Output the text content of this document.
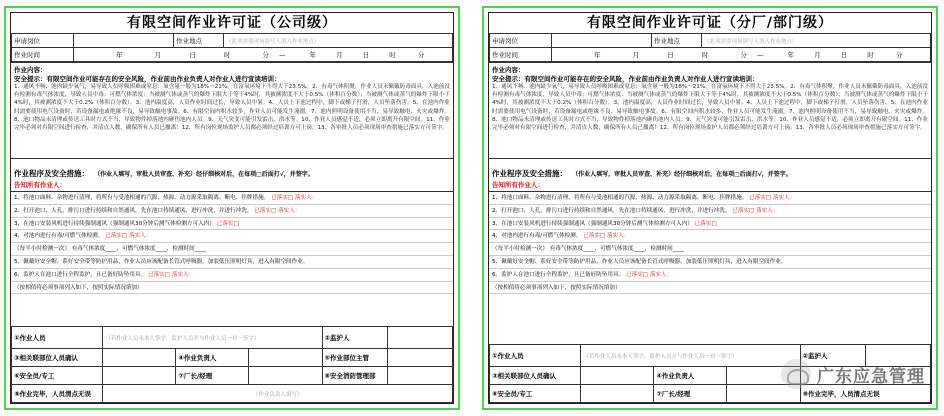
有限空间作业许可证（公司级）
申请岗位		作业地点	（此项需要现场填写人填入作业地点）
作业时间	年 月 日 时 分 — 年 月 日 时 分		
作业内容：
安全提示：有限空间作业可能存在的安全风险，作业前由作业负责人对作业人进行宣读培训：
1、通风不畅、池内缺少氧气，易导致人员呼吸困难或窒息；氧含量一般为18%～21%，在富氧环境下不得大于23.5%。2、有毒气体积聚，作业人员未佩戴防毒面具，入池前没有检测有毒气体浓度，导致人员中毒；可燃气体浓度：当被测气体或蒸气的爆炸下限大于等于4%时，其被测浓度不大于0.5%（体积百分数）；当被测气体或蒸气的爆炸下限小于4%时，其被测浓度不大于0.2%（体积百分数）。3、池内温度高，人员作业时间过长，导致人员中暑。4、人员上下池过程中，脚下或梯子打滑，人员坠落伤害。5、在池内作业时需要使用电气设备时，若设备漏电或绝缘不良，易导致触电事故。6、有限空间内积水较多，作业人员可能发生淹溺。7、池内照明设备使用不当，易导致触电、火灾或爆炸。8、池口物品未清理或传送工具时方式不当，导致物件掉落池内砸伤池内人员。9、天气突变可能引发雷击、洪水等。10、作业人员感觉不适，必须立即离开有限空间。11、作业完毕必须对有限空间进行检查，并清点人数，确保所有人员已撤离！12、所有岗位现场监护人员都必须经过培训方可上岗。13、各审批人员必须现场审查措施已落实方可签字。
作业程序及安全措施： （作业人填写，审批人员审查、补充）经仔细核对后，在每项□后面打√，并签字。
告知所有作业人：
1、将池口面料、杂物进行清理，将所有与受池相通的汽源、热源、动力源采取隔离、断电、挂牌措施。 已落实□ 落实人：
2、打开池口、人孔，排污口进行持续和自然通风，先在池口持续通风，进行冲洗，并进行冲洗。 已落实□ 落实人：
3、在池口安装风机进行持续强制通风（强制通风30分钟后测气体检测方可入内） 已落实□
4、对池内进行有毒/可燃气体检测。 已落实□ 落实人：
（每半小时检测一次） 有毒气体浓度____，可燃气体浓度____，检测时间____
5、佩戴好安全帽、系好安全带等防护用品，作业人员应该配备长管式呼吸器，加装低压照明灯具，进入有限空间作业。
6、监护人在池口进行全程监护，且已备好防坠用具。 已落实□ 落实人：
（按相值将必须事项列入如下，按照实际情况填加）
①作业人员	（若作业人员未本人签字，监护人员并与作业人员一对一签字）			②监护人	
③相关联部位人员确认		④作业负责人		⑤作业部位主管	
⑥安全员/专工		⑦厂长/经理		⑧安全消防管理部	
⑨作业完毕，人员清点无误	（作业负责人填写）				
有限空间作业许可证（分厂/部门级）
申请岗位		作业地点	（此项需要现场填写人填入作业地点）
作业时间	年 月 日 时 分 — 年 月 日 时 分		
作业内容：
安全提示：有限空间作业可能存在的安全风险，作业前由作业负责人对作业人进行宣读培训：
1、通风不畅、池内缺少氧气，易导致人员呼吸困难或窒息；氧含量一般为18%～21%，在富氧环境下不得大于23.5%。2、有毒气体积聚，作业人员未佩戴防毒面具，入池前没有检测有毒气体浓度，导致人员中毒；可燃气体浓度：当被测气体或蒸气的爆炸下限大于等于4%时，其被测浓度不大于0.5%（体积百分数）；当被测气体或蒸气的爆炸下限小于4%时，其被测浓度不大于0.2%（体积百分数）。3、池内温度高，人员作业时间过长，导致人员中暑。4、人员上下池过程中，脚下或梯子打滑，人员坠落伤害。5、在池内作业时需要使用电气设备时，若设备漏电或绝缘不良，易导致触电事故。6、有限空间内积水较多，作业人员可能发生淹溺。7、池内照明设备使用不当，易导致触电、火灾或爆炸。8、池口物品未清理或传送工具时方式不当，导致物件掉落池内砸伤池内人员。9、天气突变可能引发雷击、洪水等。10、作业人员感觉不适，必须立即离开有限空间。11、作业完毕必须对有限空间进行检查，并清点人数，确保所有人员已撤离！12、所有岗位现场监护人员都必须经过培训方可上岗。13、各审批人员必须现场审查措施已落实方可签字。
作业程序及安全措施： （作业人填写，审批人员审查、补充）经仔细核对后，在每项□后面打√，并签字。
告知所有作业人：
1、将池口面料、杂物进行清理，将所有与受池相通的汽源、热源、动力源采取隔离、断电、挂牌措施。 已落实□ 落实人：
2、打开池口、人孔，排污口进行持续和自然通风，先在池口持续通风，进行冲洗，并进行冲洗。 已落实□ 落实人：
3、在池口安装风机进行持续强制通风（强制通风30分钟后测气体检测方可入内） 已落实□
4、对池内进行有毒/可燃气体检测。 已落实□ 落实人：
（每半小时检测一次） 有毒气体浓度____，可燃气体浓度____，检测时间____
5、佩戴好安全帽、系好安全带等防护用品，作业人员应该配备长管式呼吸器，加装低压照明灯具，进入有限空间作业。
6、监护人在池口进行全程监护，且已备好防坠用具。 已落实□ 落实人：
（按相值将必须事项列入如下，按照实际情况填加）
①作业人员	（若作业人员未本人签字，监护人员并与作业人员一对一签字）			②监护人	
③相关联部位人员确认		④作业负责人			
⑥安全员/专工		⑦厂长/经理		⑨作业完毕，人员清点无误	
广东应急管理
